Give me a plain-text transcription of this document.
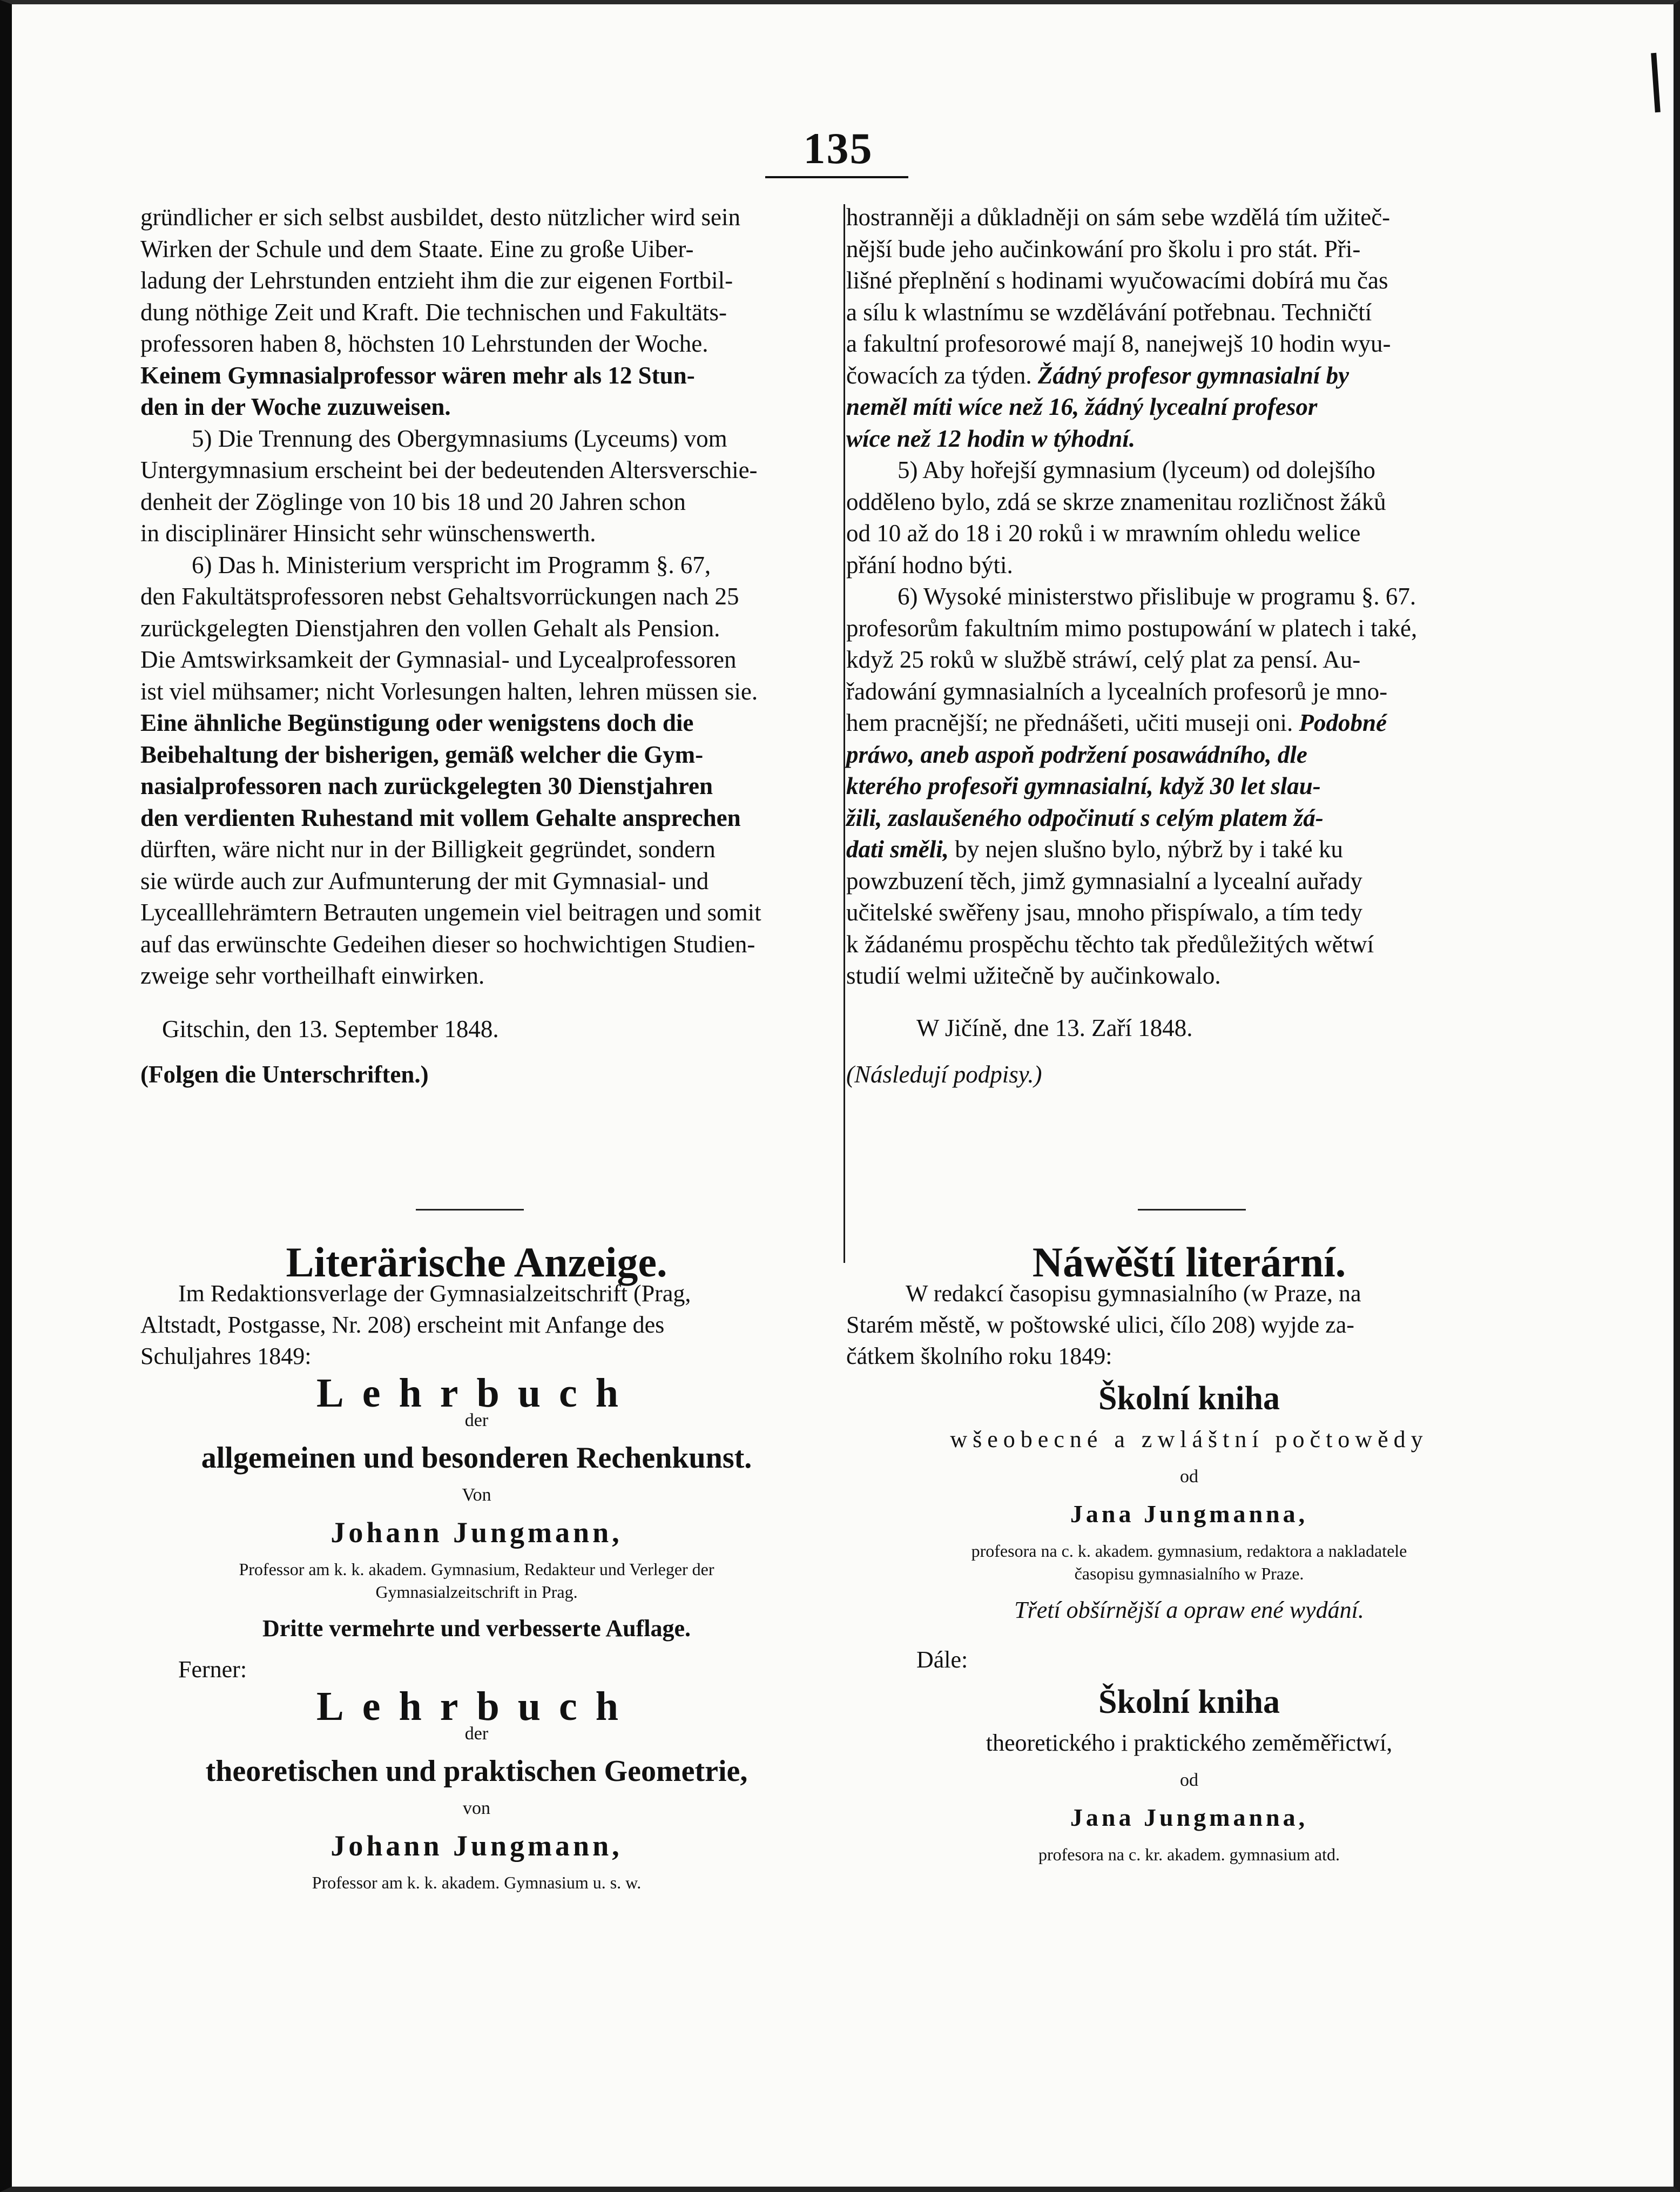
135

gründlicher er sich selbst ausbildet, desto nützlicher wird sein

Wirken der Schule und dem Staate. Eine zu große Uiber-

ladung der Lehrstunden entzieht ihm die zur eigenen Fortbil-

dung nöthige Zeit und Kraft. Die technischen und Fakultäts-

professoren haben 8, höchsten 10 Lehrstunden der Woche.

Keinem Gymnasialprofessor wären mehr als 12 Stun-

den in der Woche zuzuweisen.

5) Die Trennung des Obergymnasiums (Lyceums) vom

Untergymnasium erscheint bei der bedeutenden Altersverschie-

denheit der Zöglinge von 10 bis 18 und 20 Jahren schon

in disciplinärer Hinsicht sehr wünschenswerth.

6) Das h. Ministerium verspricht im Programm §. 67,

den Fakultätsprofessoren nebst Gehaltsvorrückungen nach 25

zurückgelegten Dienstjahren den vollen Gehalt als Pension.

Die Amtswirksamkeit der Gymnasial- und Lycealprofessoren

ist viel mühsamer; nicht Vorlesungen halten, lehren müssen sie.

Eine ähnliche Begünstigung oder wenigstens doch die

Beibehaltung der bisherigen, gemäß welcher die Gym-

nasialprofessoren nach zurückgelegten 30 Dienstjahren

den verdienten Ruhestand mit vollem Gehalte ansprechen

dürften, wäre nicht nur in der Billigkeit gegründet, sondern

sie würde auch zur Aufmunterung der mit Gymnasial- und

Lycealllehrämtern Betrauten ungemein viel beitragen und somit

auf das erwünschte Gedeihen dieser so hochwichtigen Studien-

zweige sehr vortheilhaft einwirken.

Gitschin, den 13. September 1848.

(Folgen die Unterschriften.)

hostranněji a důkladněji on sám sebe wzdělá tím užiteč-

nější bude jeho aučinkowání pro školu i pro stát. Při-

lišné přeplnění s hodinami wyučowacími dobírá mu čas

a sílu k wlastnímu se wzdělávání potřebnau. Techničtí

a fakultní profesorowé mají 8, nanejwejš 10 hodin wyu-

čowacích za týden. Žádný profesor gymnasialní by

neměl míti wíce než 16, žádný lycealní profesor

wíce než 12 hodin w týhodní.

5) Aby hořejší gymnasium (lyceum) od dolejšího

odděleno bylo, zdá se skrze znamenitau rozličnost žáků

od 10 až do 18 i 20 roků i w mrawním ohledu welice

přání hodno býti.

6) Wysoké ministerstwo přislibuje w programu §. 67.

profesorům fakultním mimo postupowání w platech i také,

když 25 roků w službě stráwí, celý plat za pensí. Au-

řadowání gymnasialních a lycealních profesorů je mno-

hem pracnější; ne přednášeti, učiti museji oni. Podobné

práwo, aneb aspoň podržení posawádního, dle

kterého profesoři gymnasialní, když 30 let slau-

žili, zaslaušeného odpočinutí s celým platem žá-

dati směli, by nejen slušno bylo, nýbrž by i také ku

powzbuzení těch, jimž gymnasialní a lycealní auřady

učitelské swěřeny jsau, mnoho přispíwalo, a tím tedy

k žádanému prospěchu těchto tak předůležitých wětwí

studií welmi užitečně by aučinkowalo.

W Jičíně, dne 13. Zaří 1848.

(Následují podpisy.)

Literärische Anzeige.

Im Redaktionsverlage der Gymnasialzeitschrift (Prag,

Altstadt, Postgasse, Nr. 208) erscheint mit Anfange des

Schuljahres 1849:

Lehrbuch

der

allgemeinen und besonderen Rechenkunst.

Von

Johann Jungmann,

Professor am k. k. akadem. Gymnasium, Redakteur und Verleger der

Gymnasialzeitschrift in Prag.

Dritte vermehrte und verbesserte Auflage.

Ferner:

Lehrbuch

der

theoretischen und praktischen Geometrie,

von

Johann Jungmann,

Professor am k. k. akadem. Gymnasium u. s. w.

Náwěští literární.

W redakcí časopisu gymnasialního (w Praze, na

Starém městě, w poštowské ulici, čílo 208) wyjde za-

čátkem školního roku 1849:

Školní kniha

wšeobecné a zwláštní počtowědy

od

Jana Jungmanna,

profesora na c. k. akadem. gymnasium, redaktora a nakladatele

časopisu gymnasialního w Praze.

Třetí obšírnější a opraw ené wydání.

Dále:

Školní kniha

theoretického i praktického zeměměřictwí,

od

Jana Jungmanna,

profesora na c. kr. akadem. gymnasium atd.
